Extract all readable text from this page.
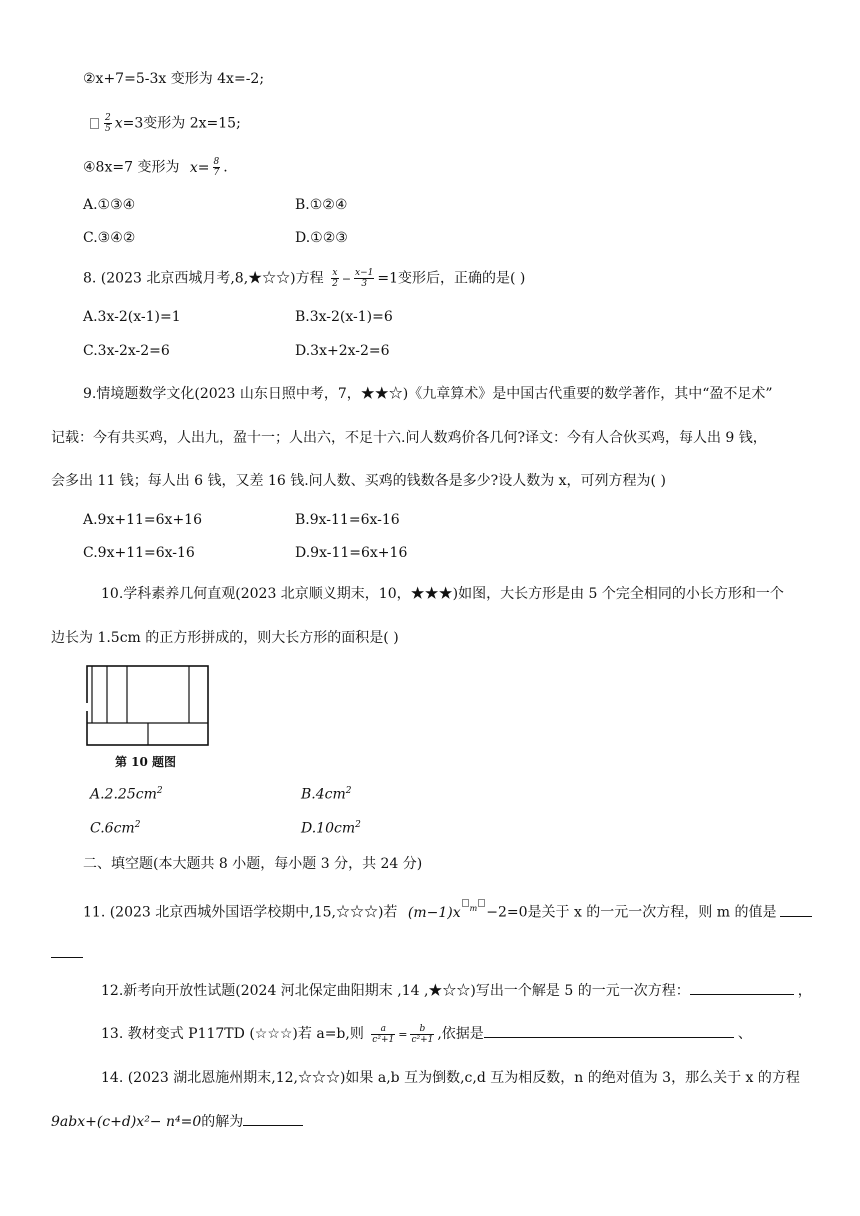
②x+7=5-3x 变形为 4x=-2;
$\frac{2}{5} x=3$变形为 2x=15;
④8x=7 变形为 $x= \frac{8}{7}$ .
A.①③④	B.①②④
C.③④②	D.①②③
8. (2023 北京西城月考,8,★☆☆)方程 $\frac{x}{2} - \frac{x-1}{3} =1$变形后，正确的是( )
A.3x-2(x-1)=1	B.3x-2(x-1)=6
C.3x-2x-2=6	D.3x+2x-2=6
9.情境题数学文化(2023 山东日照中考，7，★★☆)《九章算术》是中国古代重要的数学著作，其中“盈不足术”
记载：今有共买鸡，人出九，盈十一；人出六，不足十六.问人数鸡价各几何?译文：今有人合伙买鸡，每人出 9 钱，
会多出 11 钱；每人出 6 钱，又差 16 钱.问人数、买鸡的钱数各是多少?设人数为 x，可列方程为( )
A.9x+11=6x+16	B.9x-11=6x-16
C.9x+11=6x-16	D.9x-11=6x+16
10.学科素养几何直观(2023 北京顺义期末，10，★★★)如图，大长方形是由 5 个完全相同的小长方形和一个
边长为 1.5cm 的正方形拼成的，则大长方形的面积是( )
第 10 题图
$A.2.25cm^2$	$B.4cm^2$
$C.6cm^2$	$D.10cm^2$
二、填空题(本大题共 8 小题，每小题 3 分，共 24 分)
11. (2023 北京西城外国语学校期中,15,☆☆☆)若 (m−1)x $^m$ −2=0是关于 x 的一元一次方程，则 m 的值是
12.新考向开放性试题(2024 河北保定曲阳期末 ,14 ,★☆☆)写出一个解是 5 的一元一次方程：	，
13. 教材变式 P117TD (☆☆☆)若 a=b,则 $\frac{a}{\text{c²+1}} = \frac{b}{\text{c²+1}}$ ,依据是	、
14. (2023 湖北恩施州期末,12,☆☆☆)如果 a,b 互为倒数,c,d 互为相反数，n 的绝对值为 3，那么关于 x 的方程
9abx+(c+d)x²− n⁴=0的解为
